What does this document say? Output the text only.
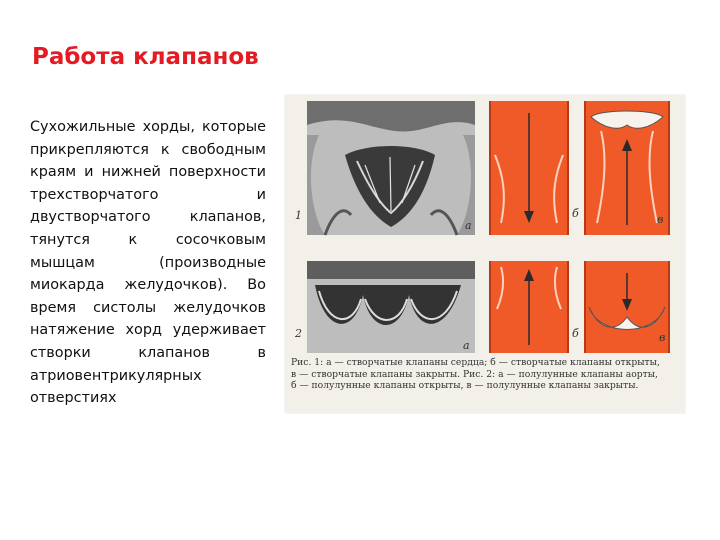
Работа клапанов

Сухожильные хорды, которые прикрепляются к свободным краям и нижней поверхности трехстворчатого и двустворчатого клапанов, тянутся к сосочковым мышцам (производные миокарда желудочков). Во время систолы желудочков натяжение хорд удерживает створки клапанов в атриовентрикулярных отверстиях

1
а
б	в
2
а
б	в
Рис. 1: а — створчатые клапаны сердца; б — створчатые клапаны открыты,
в — створчатые клапаны закрыты. Рис. 2: а — полулунные клапаны аорты,
б — полулунные клапаны открыты, в — полулунные клапаны закрыты.
